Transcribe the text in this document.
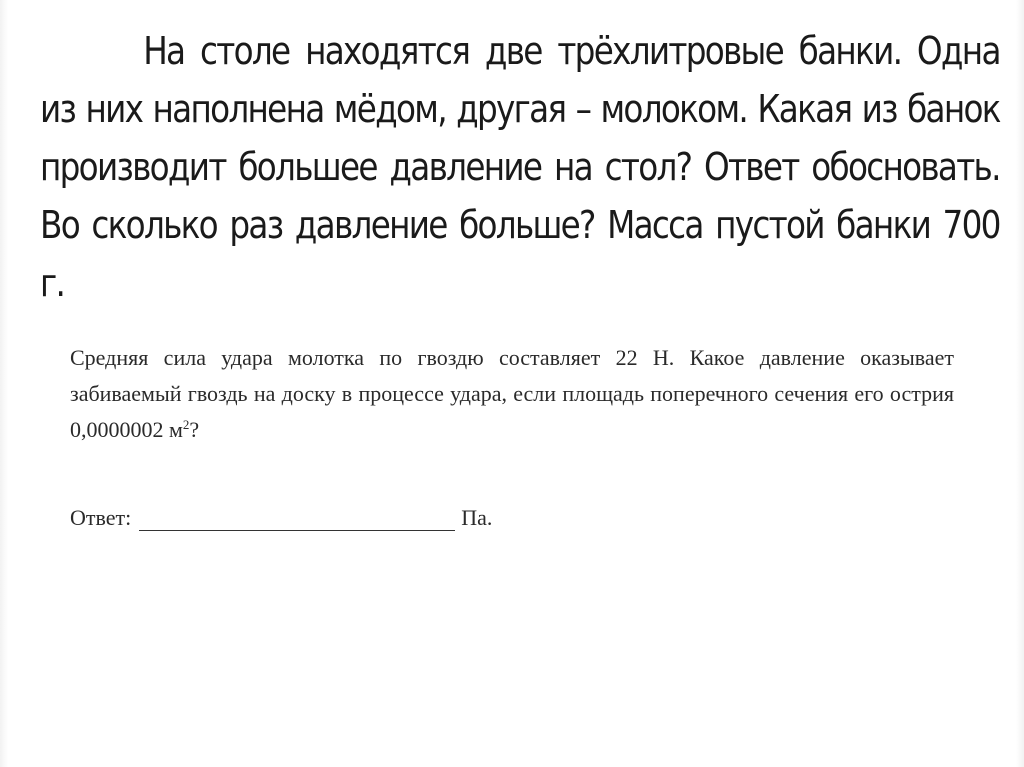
На столе находятся две трёхлитровые банки. Одна из них наполнена мёдом, другая – молоком. Какая из банок производит большее давление на стол? Ответ обосновать. Во сколько раз давление больше? Масса пустой банки 700 г.

Средняя сила удара молотка по гвоздю составляет 22 Н. Какое давление оказывает забиваемый гвоздь на доску в процессе удара, если площадь поперечного сечения его острия 0,0000002 $м^2$?

Ответ:	Па.
